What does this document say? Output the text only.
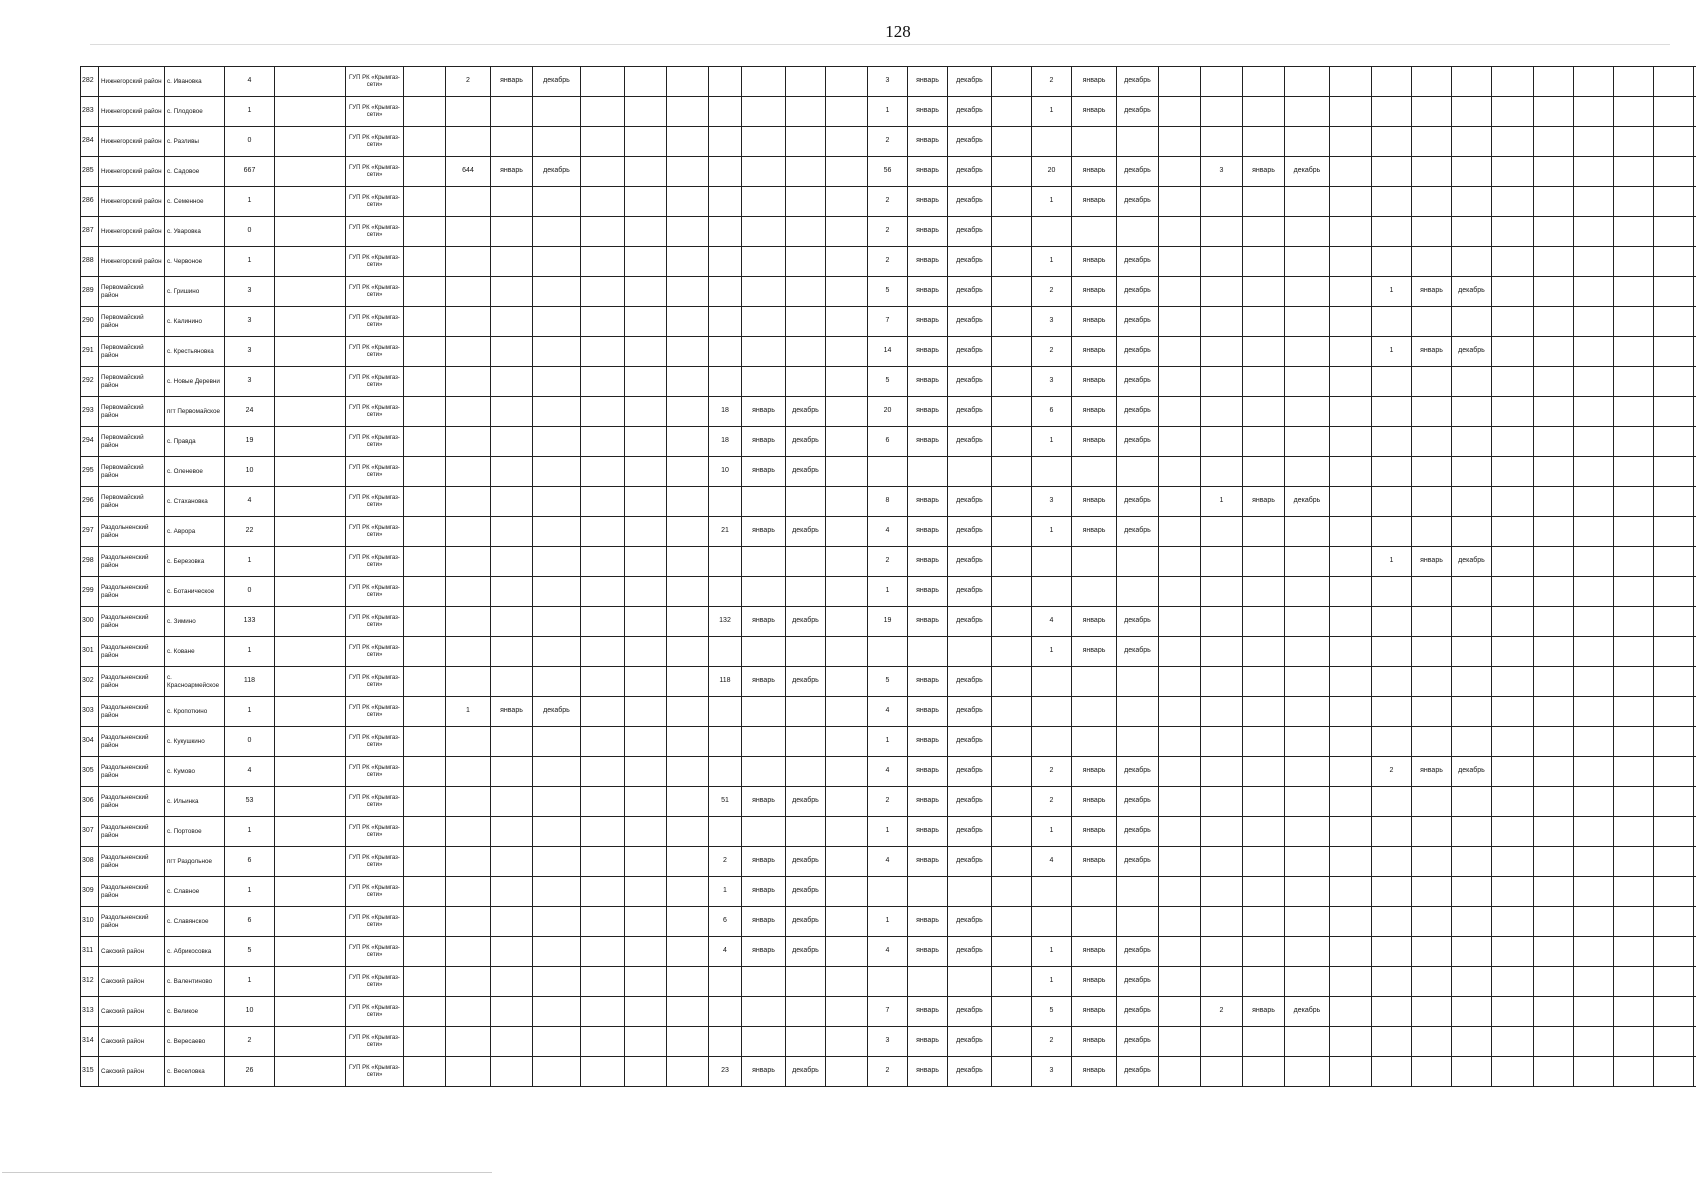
128
282	Нижнегорский район	с. Ивановка	4		ГУП РК «Крымгаз-сети»		2	январь	декабрь								3	январь	декабрь		2	январь	декабрь														
283	Нижнегорский район	с. Плодовое	1		ГУП РК «Крымгаз-сети»												1	январь	декабрь		1	январь	декабрь														
284	Нижнегорский район	с. Разливы	0		ГУП РК «Крымгаз-сети»												2	январь	декабрь																		
285	Нижнегорский район	с. Садовое	667		ГУП РК «Крымгаз-сети»		644	январь	декабрь								56	январь	декабрь		20	январь	декабрь		3	январь	декабрь										
286	Нижнегорский район	с. Семенное	1		ГУП РК «Крымгаз-сети»												2	январь	декабрь		1	январь	декабрь														
287	Нижнегорский район	с. Уваровка	0		ГУП РК «Крымгаз-сети»												2	январь	декабрь																		
288	Нижнегорский район	с. Червоное	1		ГУП РК «Крымгаз-сети»												2	январь	декабрь		1	январь	декабрь														
289	Первомайский район	с. Гришино	3		ГУП РК «Крымгаз-сети»												5	январь	декабрь		2	январь	декабрь						1	январь	декабрь						
290	Первомайский район	с. Калинино	3		ГУП РК «Крымгаз-сети»												7	январь	декабрь		3	январь	декабрь														
291	Первомайский район	с. Крестьяновка	3		ГУП РК «Крымгаз-сети»												14	январь	декабрь		2	январь	декабрь						1	январь	декабрь						
292	Первомайский район	с. Новые Деревни	3		ГУП РК «Крымгаз-сети»												5	январь	декабрь		3	январь	декабрь														
293	Первомайский район	пгт Первомайское	24		ГУП РК «Крымгаз-сети»								18	январь	декабрь		20	январь	декабрь		6	январь	декабрь														
294	Первомайский район	с. Правда	19		ГУП РК «Крымгаз-сети»								18	январь	декабрь		6	январь	декабрь		1	январь	декабрь														
295	Первомайский район	с. Оленевое	10		ГУП РК «Крымгаз-сети»								10	январь	декабрь																						
296	Первомайский район	с. Стахановка	4		ГУП РК «Крымгаз-сети»												8	январь	декабрь		3	январь	декабрь		1	январь	декабрь										
297	Раздольненский район	с. Аврора	22		ГУП РК «Крымгаз-сети»								21	январь	декабрь		4	январь	декабрь		1	январь	декабрь														
298	Раздольненский район	с. Березовка	1		ГУП РК «Крымгаз-сети»												2	январь	декабрь										1	январь	декабрь						
299	Раздольненский район	с. Ботаническое	0		ГУП РК «Крымгаз-сети»												1	январь	декабрь																		
300	Раздольненский район	с. Зимино	133		ГУП РК «Крымгаз-сети»								132	январь	декабрь		19	январь	декабрь		4	январь	декабрь														
301	Раздольненский район	с. Коване	1		ГУП РК «Крымгаз-сети»																1	январь	декабрь														
302	Раздольненский район	с. Красноармейское	118		ГУП РК «Крымгаз-сети»								118	январь	декабрь		5	январь	декабрь																		
303	Раздольненский район	с. Кропоткино	1		ГУП РК «Крымгаз-сети»		1	январь	декабрь								4	январь	декабрь																		
304	Раздольненский район	с. Кукушкино	0		ГУП РК «Крымгаз-сети»												1	январь	декабрь																		
305	Раздольненский район	с. Кумово	4		ГУП РК «Крымгаз-сети»												4	январь	декабрь		2	январь	декабрь						2	январь	декабрь						
306	Раздольненский район	с. Ильинка	53		ГУП РК «Крымгаз-сети»								51	январь	декабрь		2	январь	декабрь		2	январь	декабрь														
307	Раздольненский район	с. Портовое	1		ГУП РК «Крымгаз-сети»												1	январь	декабрь		1	январь	декабрь														
308	Раздольненский район	пгт Раздольное	6		ГУП РК «Крымгаз-сети»								2	январь	декабрь		4	январь	декабрь		4	январь	декабрь														
309	Раздольненский район	с. Славное	1		ГУП РК «Крымгаз-сети»								1	январь	декабрь																						
310	Раздольненский район	с. Славянское	6		ГУП РК «Крымгаз-сети»								6	январь	декабрь		1	январь	декабрь																		
311	Сакский район	с. Абрикосовка	5		ГУП РК «Крымгаз-сети»								4	январь	декабрь		4	январь	декабрь		1	январь	декабрь														
312	Сакский район	с. Валентиново	1		ГУП РК «Крымгаз-сети»																1	январь	декабрь														
313	Сакский район	с. Великое	10		ГУП РК «Крымгаз-сети»												7	январь	декабрь		5	январь	декабрь		2	январь	декабрь										
314	Сакский район	с. Вересаево	2		ГУП РК «Крымгаз-сети»												3	январь	декабрь		2	январь	декабрь														
315	Сакский район	с. Веселовка	26		ГУП РК «Крымгаз-сети»								23	январь	декабрь		2	январь	декабрь		3	январь	декабрь														
